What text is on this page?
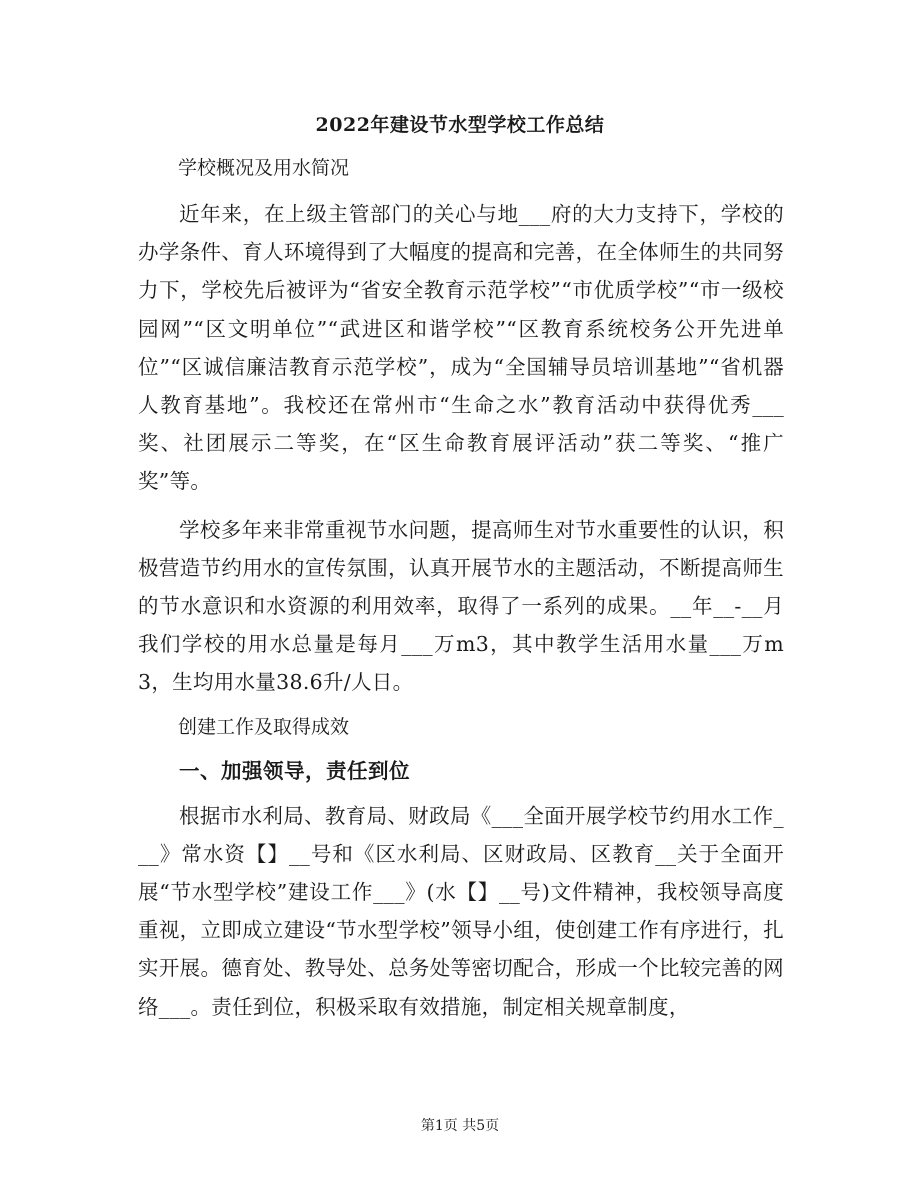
2022年建设节水型学校工作总结

学校概况及用水简况

近年来，在上级主管部门的关心与地___府的大力支持下，学校的办学条件、育人环境得到了大幅度的提高和完善，在全体师生的共同努力下，学校先后被评为“省安全教育示范学校”“市优质学校”“市一级校园网”“区文明单位”“武进区和谐学校”“区教育系统校务公开先进单位”“区诚信廉洁教育示范学校”，成为“全国辅导员培训基地”“省机器人教育基地”。我校还在常州市“生命之水”教育活动中获得优秀___奖、社团展示二等奖，在“区生命教育展评活动”获二等奖、“推广奖”等。

学校多年来非常重视节水问题，提高师生对节水重要性的认识，积极营造节约用水的宣传氛围，认真开展节水的主题活动，不断提高师生的节水意识和水资源的利用效率，取得了一系列的成果。__年__-__月我们学校的用水总量是每月___万m3，其中教学生活用水量___万m3，生均用水量38.6升/人日。

创建工作及取得成效

一、加强领导，责任到位

根据市水利局、教育局、财政局《___全面开展学校节约用水工作___》常水资【】__号和《区水利局、区财政局、区教育__关于全面开展“节水型学校”建设工作___》(水【】__号)文件精神，我校领导高度重视，立即成立建设“节水型学校”领导小组，使创建工作有序进行，扎实开展。德育处、教导处、总务处等密切配合，形成一个比较完善的网络___。责任到位，积极采取有效措施，制定相关规章制度，

第1页 共5页
